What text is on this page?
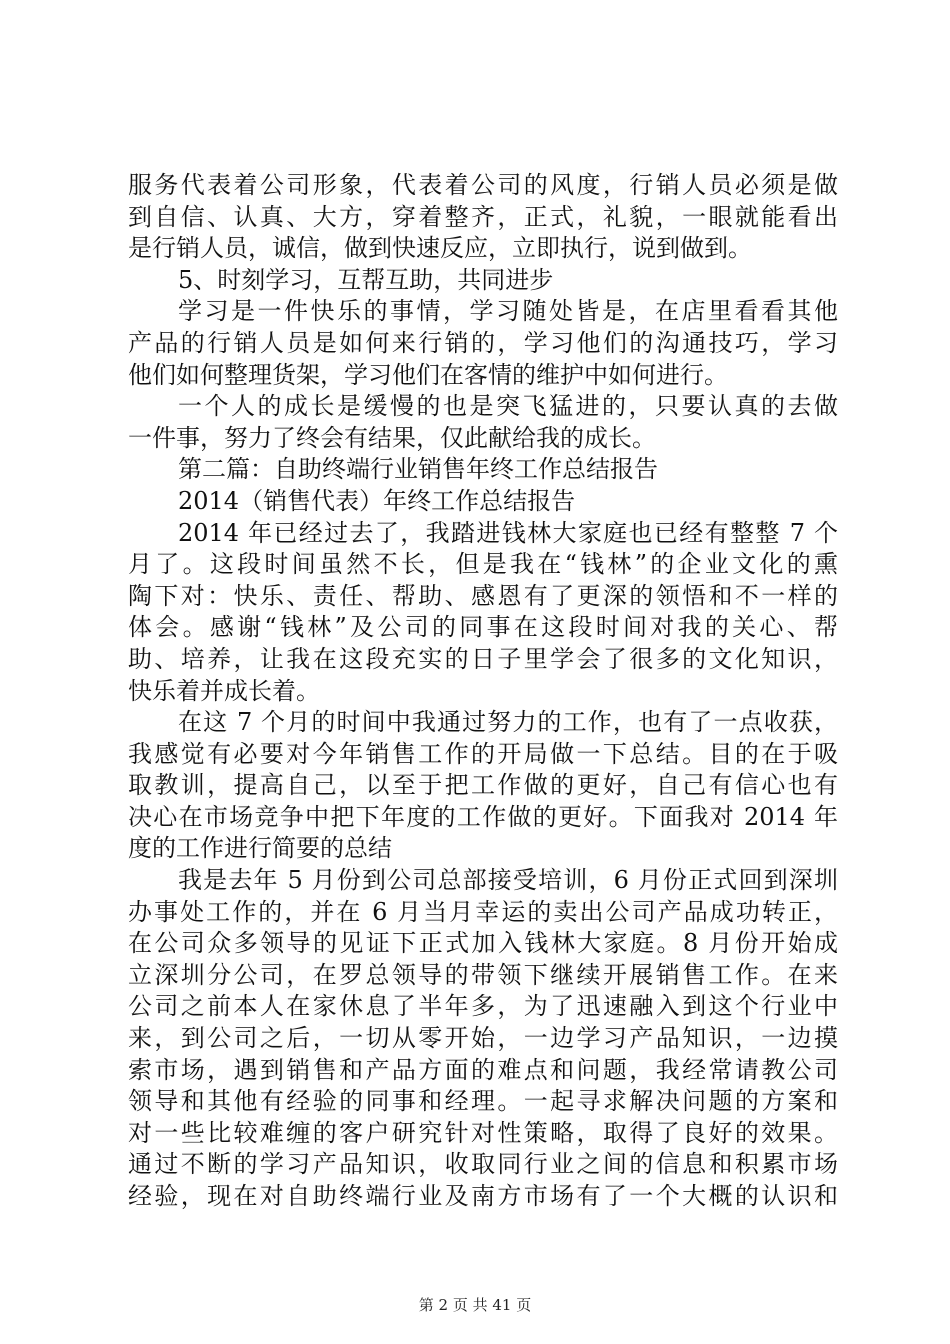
服务代表着公司形象，代表着公司的风度，行销人员必须是做
到自信、认真、大方，穿着整齐，正式，礼貌，一眼就能看出
是行销人员，诚信，做到快速反应，立即执行，说到做到。
5、时刻学习，互帮互助，共同进步
学习是一件快乐的事情，学习随处皆是，在店里看看其他
产品的行销人员是如何来行销的，学习他们的沟通技巧，学习
他们如何整理货架，学习他们在客情的维护中如何进行。
一个人的成长是缓慢的也是突飞猛进的，只要认真的去做
一件事，努力了终会有结果，仅此献给我的成长。
第二篇：自助终端行业销售年终工作总结报告
2014（销售代表）年终工作总结报告
2014 年已经过去了，我踏进钱林大家庭也已经有整整 7 个
月了。这段时间虽然不长，但是我在“钱林”的企业文化的熏
陶下对：快乐、责任、帮助、感恩有了更深的领悟和不一样的
体会。感谢“钱林”及公司的同事在这段时间对我的关心、帮
助、培养，让我在这段充实的日子里学会了很多的文化知识，
快乐着并成长着。
在这 7 个月的时间中我通过努力的工作，也有了一点收获，
我感觉有必要对今年销售工作的开局做一下总结。目的在于吸
取教训，提高自己，以至于把工作做的更好，自己有信心也有
决心在市场竞争中把下年度的工作做的更好。下面我对 2014 年
度的工作进行简要的总结
我是去年 5 月份到公司总部接受培训，6 月份正式回到深圳
办事处工作的，并在 6 月当月幸运的卖出公司产品成功转正，
在公司众多领导的见证下正式加入钱林大家庭。8 月份开始成
立深圳分公司，在罗总领导的带领下继续开展销售工作。在来
公司之前本人在家休息了半年多，为了迅速融入到这个行业中
来，到公司之后，一切从零开始，一边学习产品知识，一边摸
索市场，遇到销售和产品方面的难点和问题，我经常请教公司
领导和其他有经验的同事和经理。一起寻求解决问题的方案和
对一些比较难缠的客户研究针对性策略，取得了良好的效果。
通过不断的学习产品知识，收取同行业之间的信息和积累市场
经验，现在对自助终端行业及南方市场有了一个大概的认识和
第 2 页 共 41 页
